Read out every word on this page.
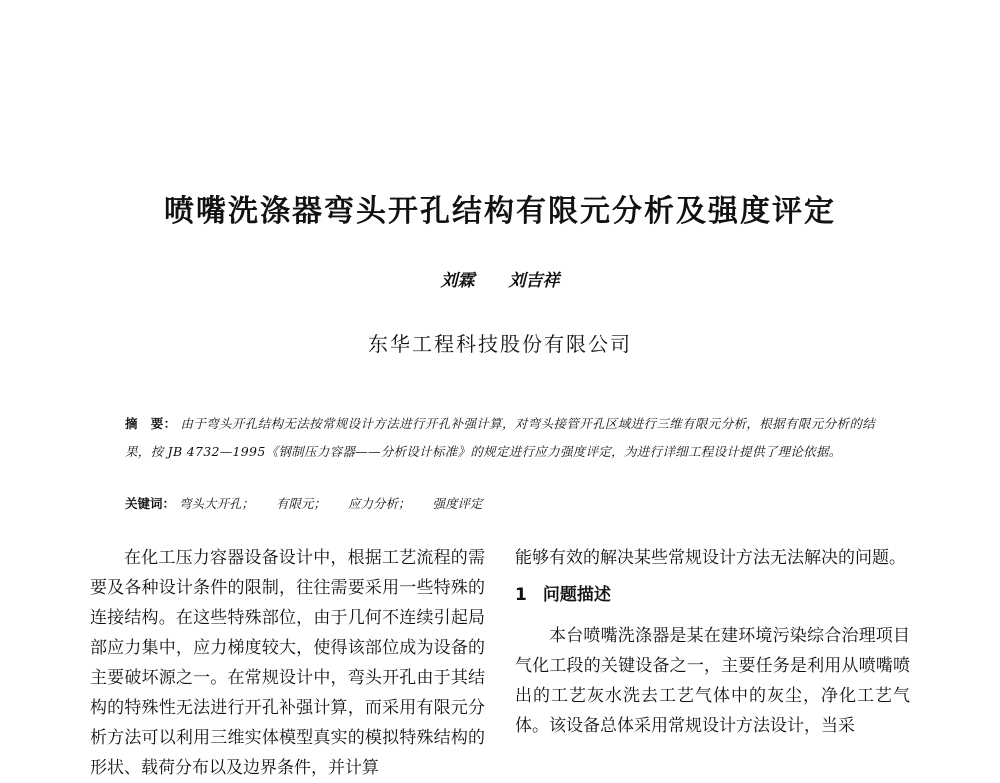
喷嘴洗涤器弯头开孔结构有限元分析及强度评定
刘霖 刘吉祥
东华工程科技股份有限公司
摘　要： 由于弯头开孔结构无法按常规设计方法进行开孔补强计算，对弯头接管开孔区域进行三维有限元分析，根据有限元分析的结果，按 JB 4732—1995《钢制压力容器——分析设计标准》的规定进行应力强度评定，为进行详细工程设计提供了理论依据。
关键词： 弯头大开孔； 有限元； 应力分析； 强度评定

在化工压力容器设备设计中，根据工艺流程的需要及各种设计条件的限制，往往需要采用一些特殊的连接结构。在这些特殊部位，由于几何不连续引起局部应力集中，应力梯度较大，使得该部位成为设备的主要破坏源之一。在常规设计中，弯头开孔由于其结构的特殊性无法进行开孔补强计算，而采用有限元分析方法可以利用三维实体模型真实的模拟特殊结构的形状、载荷分布以及边界条件，并计算

能够有效的解决某些常规设计方法无法解决的问题。

1 问题描述

本台喷嘴洗涤器是某在建环境污染综合治理项目气化工段的关键设备之一，主要任务是利用从喷嘴喷出的工艺灰水洗去工艺气体中的灰尘，净化工艺气体。该设备总体采用常规设计方法设计，当采
